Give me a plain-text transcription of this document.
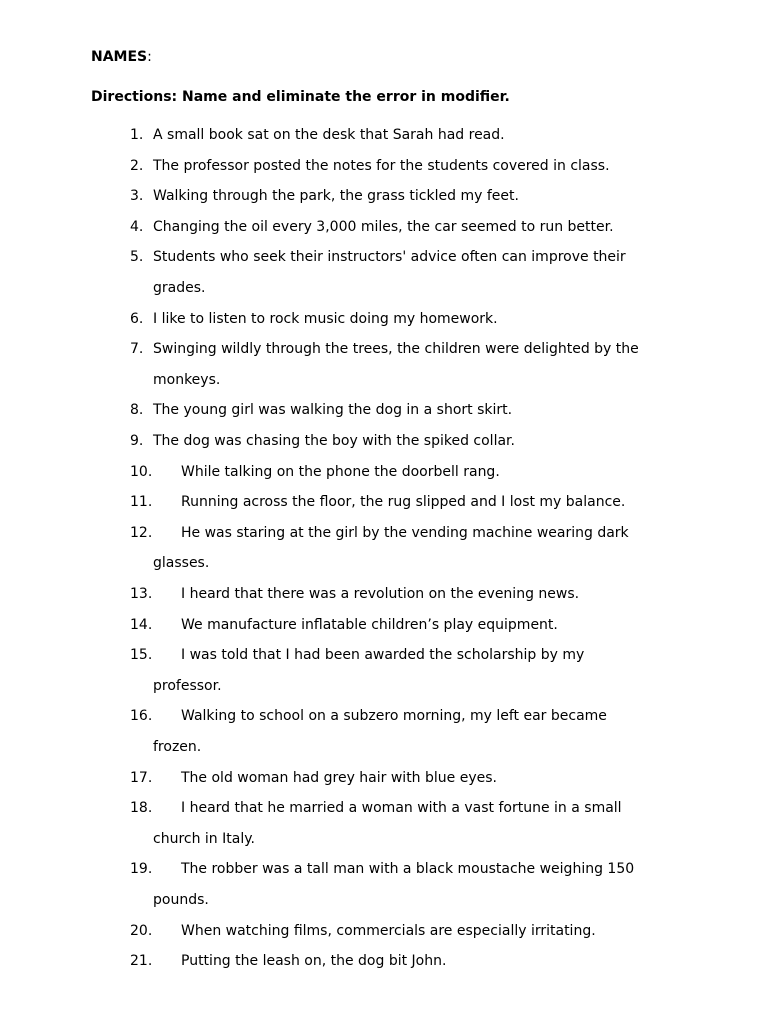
NAMES:
Directions: Name and eliminate the error in modifier.
1. A small book sat on the desk that Sarah had read.
2. The professor posted the notes for the students covered in class.
3. Walking through the park, the grass tickled my feet.
4. Changing the oil every 3,000 miles, the car seemed to run better.
5. Students who seek their instructors' advice often can improve their
grades.
6. I like to listen to rock music doing my homework.
7. Swinging wildly through the trees, the children were delighted by the
monkeys.
8. The young girl was walking the dog in a short skirt.
9. The dog was chasing the boy with the spiked collar.
10. While talking on the phone the doorbell rang.
11. Running across the floor, the rug slipped and I lost my balance.
12. He was staring at the girl by the vending machine wearing dark
glasses.
13. I heard that there was a revolution on the evening news.
14. We manufacture inflatable children’s play equipment.
15. I was told that I had been awarded the scholarship by my
professor.
16. Walking to school on a subzero morning, my left ear became
frozen.
17. The old woman had grey hair with blue eyes.
18. I heard that he married a woman with a vast fortune in a small
church in Italy.
19. The robber was a tall man with a black moustache weighing 150
pounds.
20. When watching films, commercials are especially irritating.
21. Putting the leash on, the dog bit John.
